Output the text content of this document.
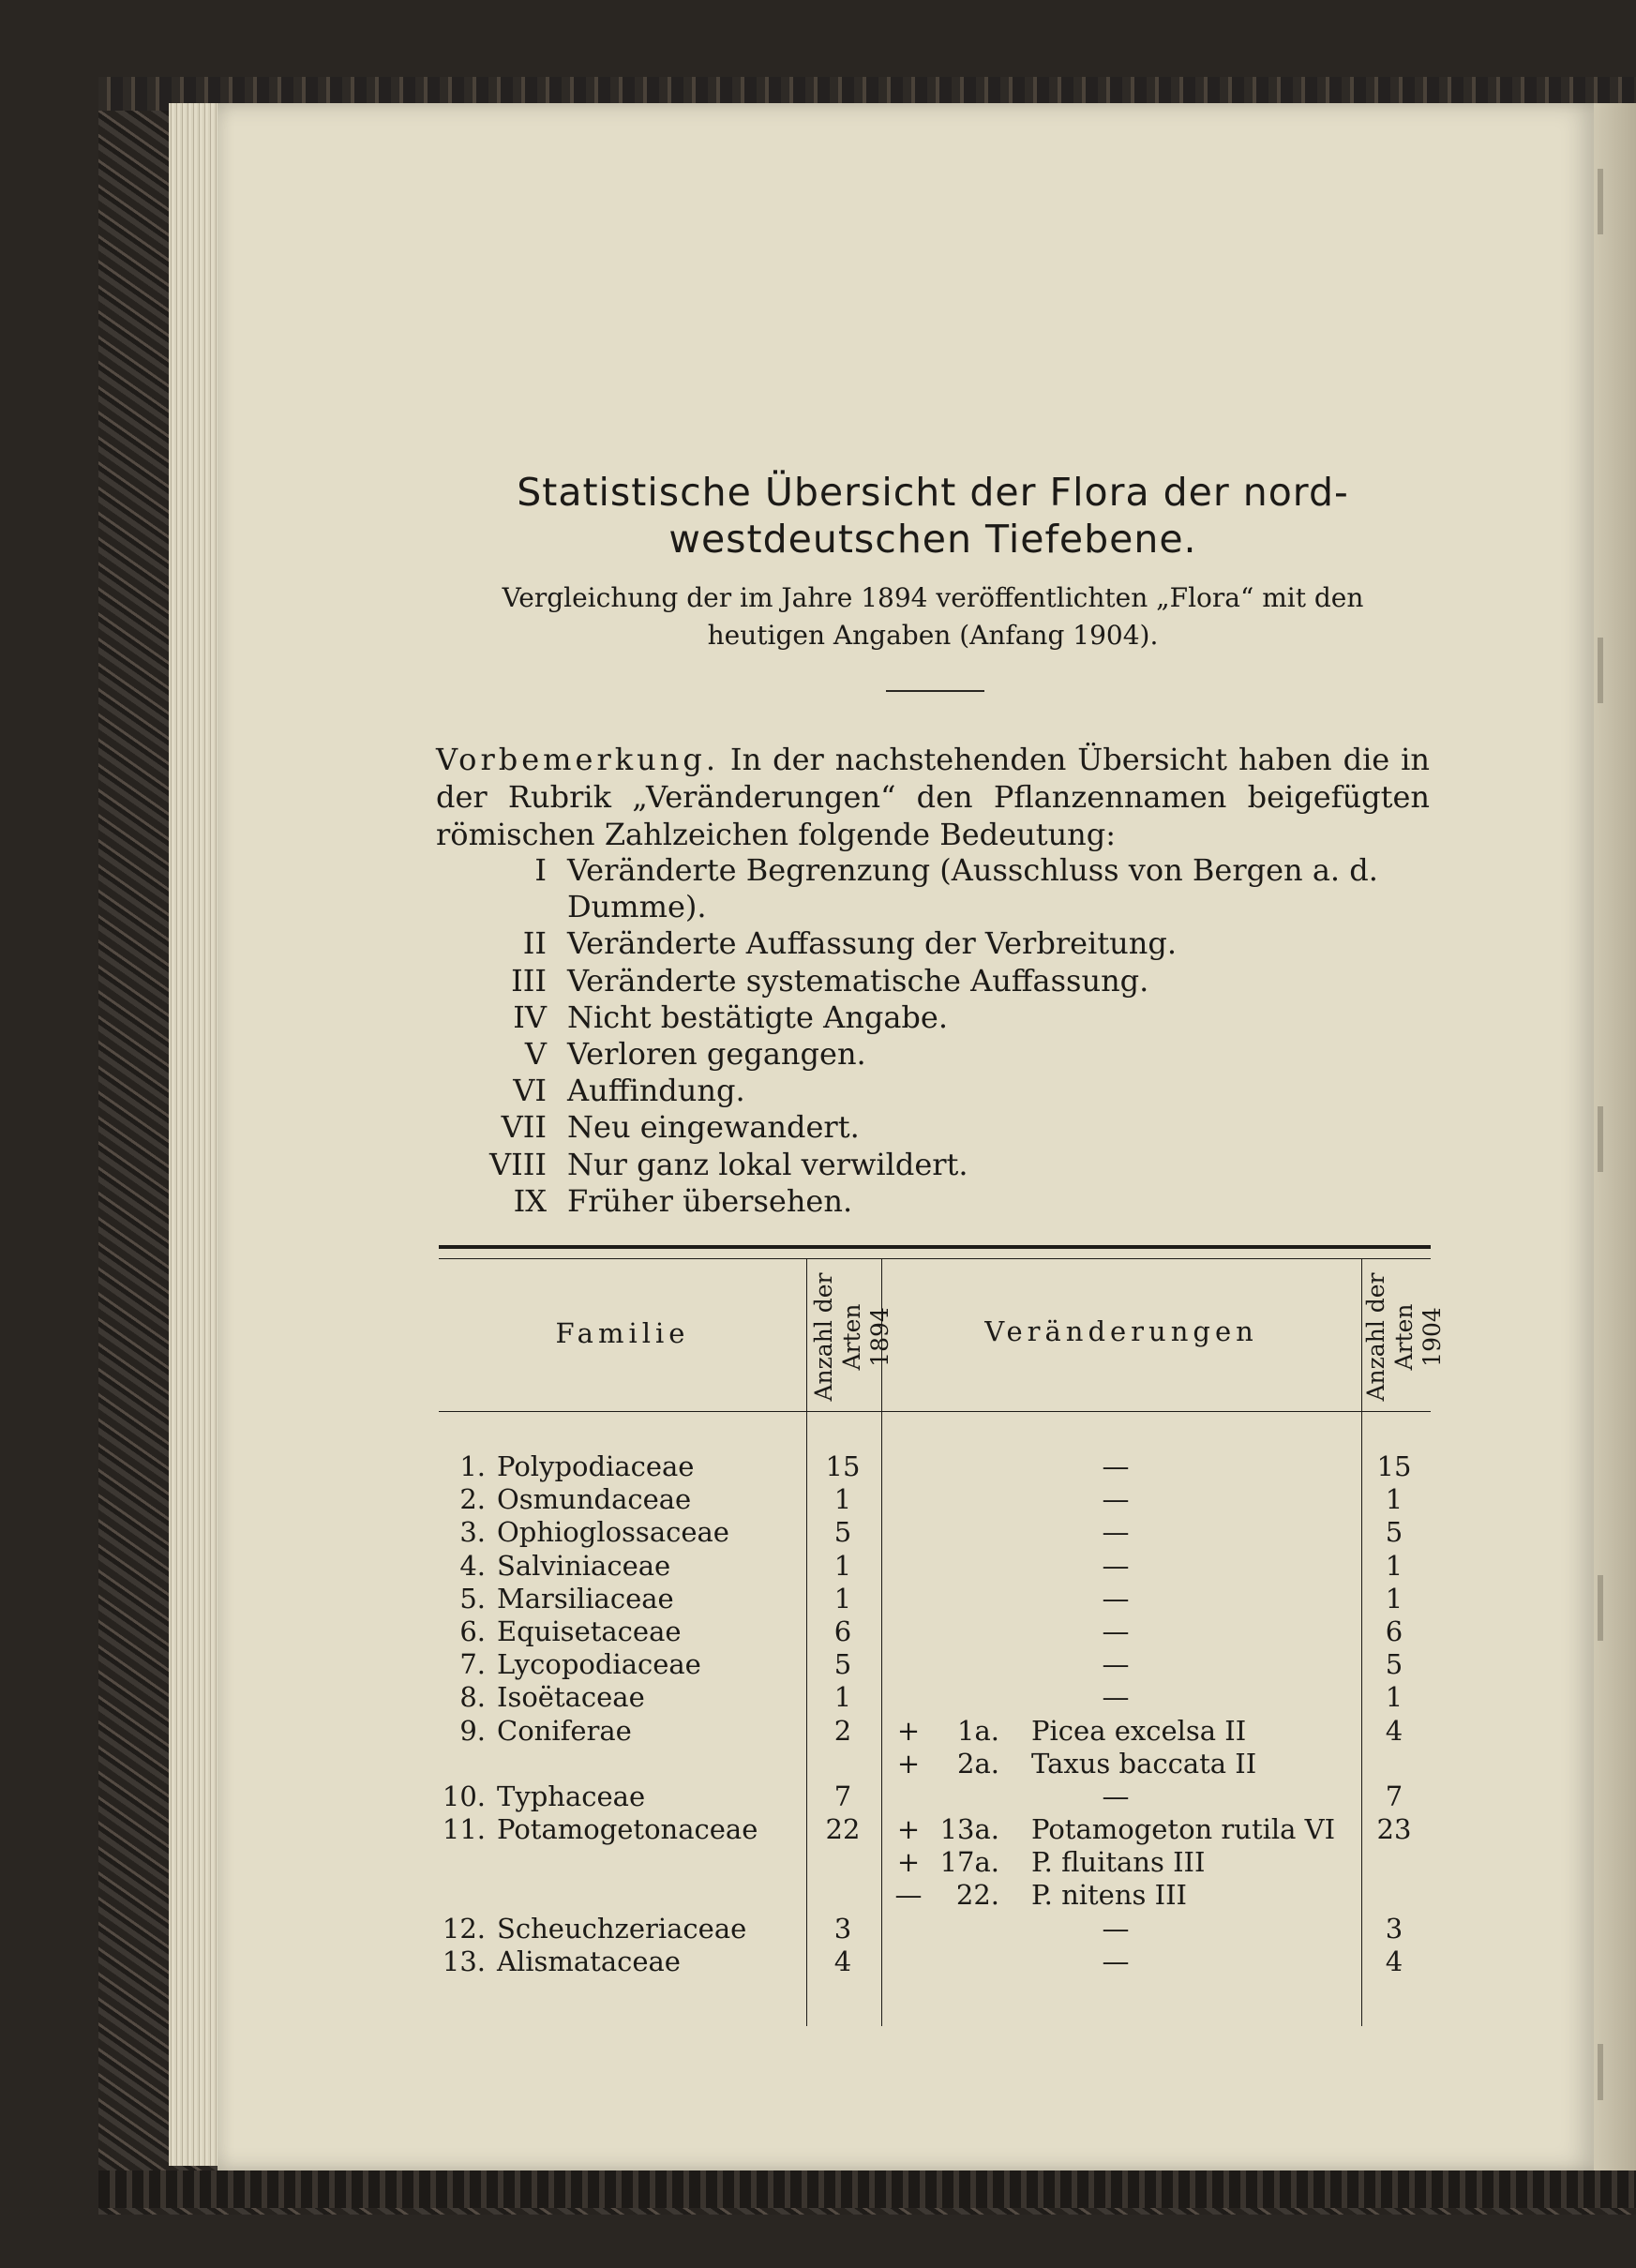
Statistische Übersicht der Flora der nord-
westdeutschen Tiefebene.
Vergleichung der im Jahre 1894 veröffentlichten „Flora“ mit den
heutigen Angaben (Anfang 1904).
Vorbemerkung. In der nachstehenden Übersicht haben die in der Rubrik „Veränderungen“ den Pflanzennamen beigefügten römischen Zahlzeichen folgende Bedeutung:
I Veränderte Begrenzung (Ausschluss von Bergen a. d. Dumme).
II Veränderte Auffassung der Verbreitung.
III Veränderte systematische Auffassung.
IV Nicht bestätigte Angabe.
V Verloren gegangen.
VI Auffindung.
VII Neu eingewandert.
VIII Nur ganz lokal verwildert.
IX Früher übersehen.
Familie	Anzahl der Arten 1894	Veränderungen	Anzahl der Arten 1904
1. Polypodiaceae	15	—	15
2. Osmundaceae	1	—	1
3. Ophioglossaceae	5	—	5
4. Salviniaceae	1	—	1
5. Marsiliaceae	1	—	1
6. Equisetaceae	6	—	6
7. Lycopodiaceae	5	—	5
8. Isoëtaceae	1	—	1
9. Coniferae	2	+	1a. Picea excelsa II	4
+	2a. Taxus baccata II
10. Typhaceae	7	—	7
11. Potamogetonaceae	22	+ 13a. Potamogeton rutila VI	23
+ 17a. P. fluitans III
—	22. P. nitens III
12. Scheuchzeriaceae	3	—	3
13. Alismataceae	4	—	4
